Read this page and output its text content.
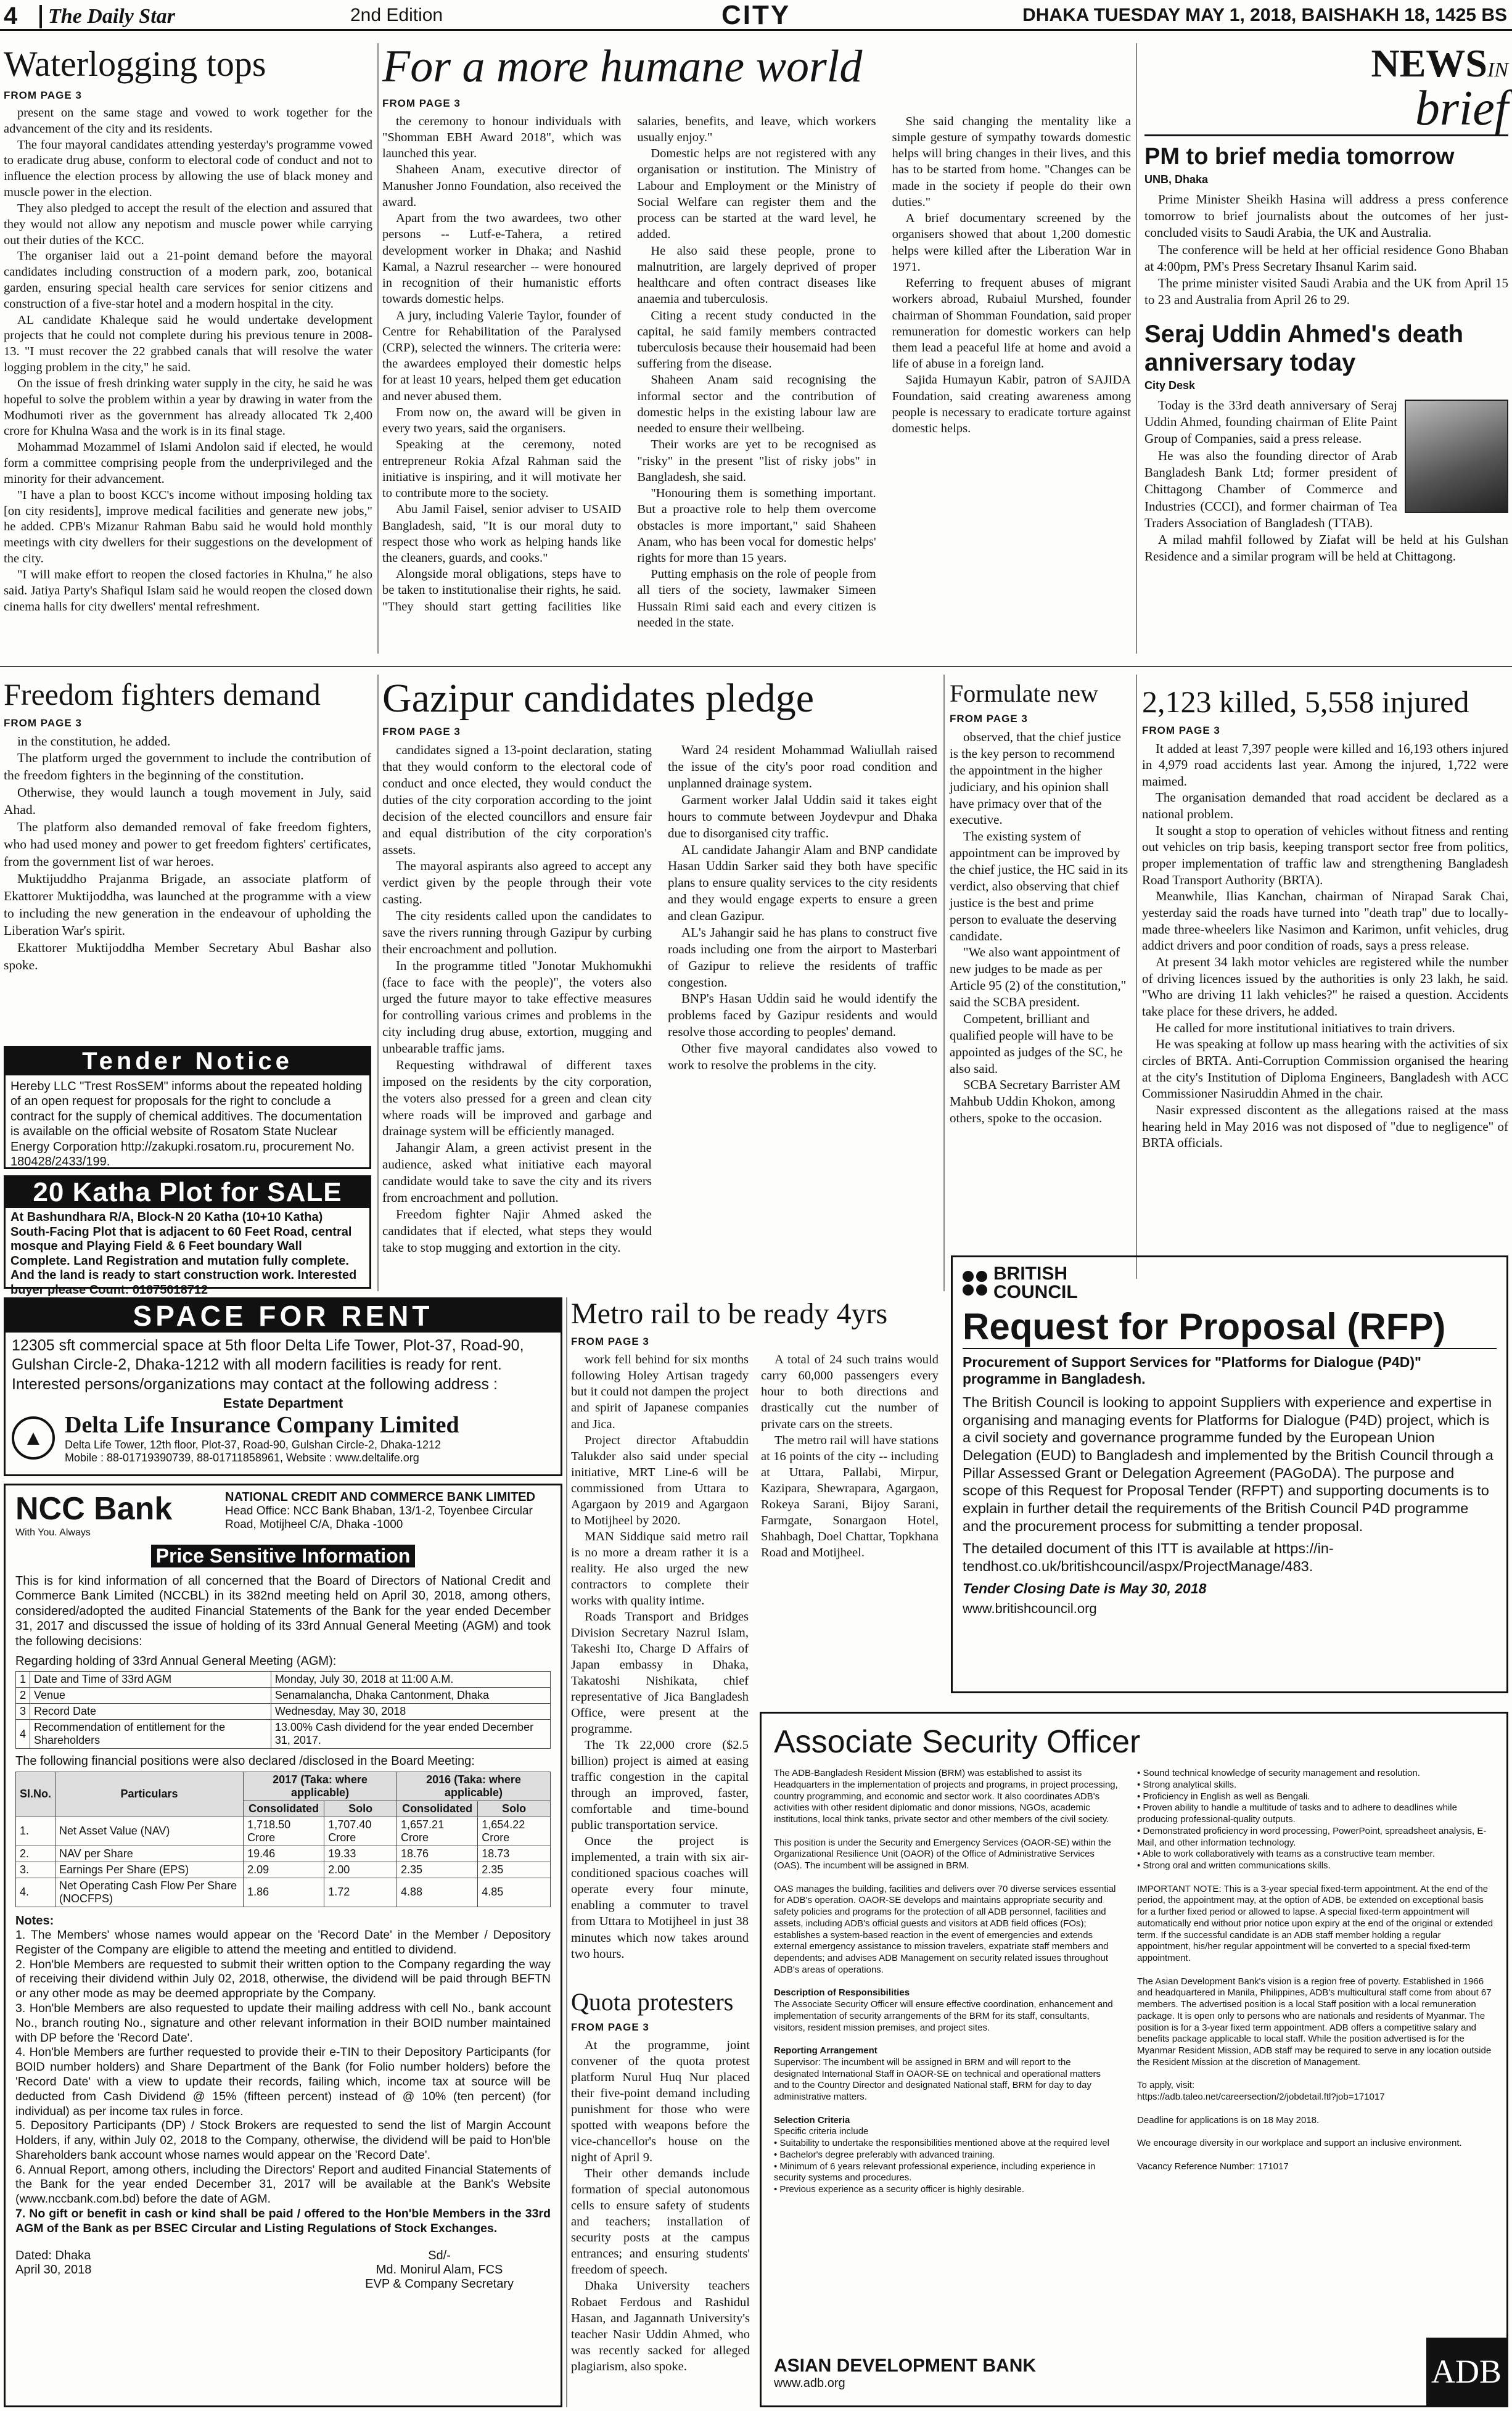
4	The Daily Star	2nd Edition	CITY	DHAKA TUESDAY MAY 1, 2018, BAISHAKH 18, 1425 BS
Waterlogging tops
FROM PAGE 3

present on the same stage and vowed to work together for the advancement of the city and its residents.

The four mayoral candidates attending yesterday's programme vowed to eradicate drug abuse, conform to electoral code of conduct and not to influence the election process by allowing the use of black money and muscle power in the election.

They also pledged to accept the result of the election and assured that they would not allow any nepotism and muscle power while carrying out their duties of the KCC.

The organiser laid out a 21-point demand before the mayoral candidates including construction of a modern park, zoo, botanical garden, ensuring special health care services for senior citizens and construction of a five-star hotel and a modern hospital in the city.

AL candidate Khaleque said he would undertake development projects that he could not complete during his previous tenure in 2008-13. "I must recover the 22 grabbed canals that will resolve the water logging problem in the city," he said.

On the issue of fresh drinking water supply in the city, he said he was hopeful to solve the problem within a year by drawing in water from the Modhumoti river as the government has already allocated Tk 2,400 crore for Khulna Wasa and the work is in its final stage.

Mohammad Mozammel of Islami Andolon said if elected, he would form a committee comprising people from the underprivileged and the minority for their advancement.

"I have a plan to boost KCC's income without imposing holding tax [on city residents], improve medical facilities and generate new jobs," he added. CPB's Mizanur Rahman Babu said he would hold monthly meetings with city dwellers for their suggestions on the development of the city.

"I will make effort to reopen the closed factories in Khulna," he also said. Jatiya Party's Shafiqul Islam said he would reopen the closed down cinema halls for city dwellers' mental refreshment.

For a more humane world
FROM PAGE 3

the ceremony to honour individuals with "Shomman EBH Award 2018", which was launched this year.

Shaheen Anam, executive director of Manusher Jonno Foundation, also received the award.

Apart from the two awardees, two other persons -- Lutf-e-Tahera, a retired development worker in Dhaka; and Nashid Kamal, a Nazrul researcher -- were honoured in recognition of their humanistic efforts towards domestic helps.

A jury, including Valerie Taylor, founder of Centre for Rehabilitation of the Paralysed (CRP), selected the winners. The criteria were: the awardees employed their domestic helps for at least 10 years, helped them get education and never abused them.

From now on, the award will be given in every two years, said the organisers.

Speaking at the ceremony, noted entrepreneur Rokia Afzal Rahman said the initiative is inspiring, and it will motivate her to contribute more to the society.

Abu Jamil Faisel, senior adviser to USAID Bangladesh, said, "It is our moral duty to respect those who work as helping hands like the cleaners, guards, and cooks."

Alongside moral obligations, steps have to be taken to institutionalise their rights, he said. "They should start getting facilities like salaries, benefits, and leave, which workers usually enjoy."

Domestic helps are not registered with any organisation or institution. The Ministry of Labour and Employment or the Ministry of Social Welfare can register them and the process can be started at the ward level, he added.

He also said these people, prone to malnutrition, are largely deprived of proper healthcare and often contract diseases like anaemia and tuberculosis.

Citing a recent study conducted in the capital, he said family members contracted tuberculosis because their housemaid had been suffering from the disease.

Shaheen Anam said recognising the informal sector and the contribution of domestic helps in the existing labour law are needed to ensure their wellbeing.

Their works are yet to be recognised as "risky" in the present "list of risky jobs" in Bangladesh, she said.

"Honouring them is something important. But a proactive role to help them overcome obstacles is more important," said Shaheen Anam, who has been vocal for domestic helps' rights for more than 15 years.

Putting emphasis on the role of people from all tiers of the society, lawmaker Simeen Hussain Rimi said each and every citizen is needed in the state.

She said changing the mentality like a simple gesture of sympathy towards domestic helps will bring changes in their lives, and this has to be started from home. "Changes can be made in the society if people do their own duties."

A brief documentary screened by the organisers showed that about 1,200 domestic helps were killed after the Liberation War in 1971.

Referring to frequent abuses of migrant workers abroad, Rubaiul Murshed, founder chairman of Shomman Foundation, said proper remuneration for domestic workers can help them lead a peaceful life at home and avoid a life of abuse in a foreign land.

Sajida Humayun Kabir, patron of SAJIDA Foundation, said creating awareness among people is necessary to eradicate torture against domestic helps.

NEWSIN
brief
PM to brief media tomorrow
UNB, Dhaka

Prime Minister Sheikh Hasina will address a press conference tomorrow to brief journalists about the outcomes of her just-concluded visits to Saudi Arabia, the UK and Australia.

The conference will be held at her official residence Gono Bhaban at 4:00pm, PM's Press Secretary Ihsanul Karim said.

The prime minister visited Saudi Arabia and the UK from April 15 to 23 and Australia from April 26 to 29.

Seraj Uddin Ahmed's death anniversary today
City Desk

Today is the 33rd death anniversary of Seraj Uddin Ahmed, founding chairman of Elite Paint Group of Companies, said a press release.

He was also the founding director of Arab Bangladesh Bank Ltd; former president of Chittagong Chamber of Commerce and Industries (CCCI), and former chairman of Tea Traders Association of Bangladesh (TTAB).

A milad mahfil followed by Ziafat will be held at his Gulshan Residence and a similar program will be held at Chittagong.

Freedom fighters demand
FROM PAGE 3

in the constitution, he added.

The platform urged the government to include the contribution of the freedom fighters in the beginning of the constitution.

Otherwise, they would launch a tough movement in July, said Ahad.

The platform also demanded removal of fake freedom fighters, who had used money and power to get freedom fighters' certificates, from the government list of war heroes.

Muktijuddho Prajanma Brigade, an associate platform of Ekattorer Muktijoddha, was launched at the programme with a view to including the new generation in the endeavour of upholding the Liberation War's spirit.

Ekattorer Muktijoddha Member Secretary Abul Bashar also spoke.

Gazipur candidates pledge
FROM PAGE 3

candidates signed a 13-point declaration, stating that they would conform to the electoral code of conduct and once elected, they would conduct the duties of the city corporation according to the joint decision of the elected councillors and ensure fair and equal distribution of the city corporation's assets.

The mayoral aspirants also agreed to accept any verdict given by the people through their vote casting.

The city residents called upon the candidates to save the rivers running through Gazipur by curbing their encroachment and pollution.

In the programme titled "Jonotar Mukhomukhi (face to face with the people)", the voters also urged the future mayor to take effective measures for controlling various crimes and problems in the city including drug abuse, extortion, mugging and unbearable traffic jams.

Requesting withdrawal of different taxes imposed on the residents by the city corporation, the voters also pressed for a green and clean city where roads will be improved and garbage and drainage system will be efficiently managed.

Jahangir Alam, a green activist present in the audience, asked what initiative each mayoral candidate would take to save the city and its rivers from encroachment and pollution.

Freedom fighter Najir Ahmed asked the candidates that if elected, what steps they would take to stop mugging and extortion in the city.

Ward 24 resident Mohammad Waliullah raised the issue of the city's poor road condition and unplanned drainage system.

Garment worker Jalal Uddin said it takes eight hours to commute between Joydevpur and Dhaka due to disorganised city traffic.

AL candidate Jahangir Alam and BNP candidate Hasan Uddin Sarker said they both have specific plans to ensure quality services to the city residents and they would engage experts to ensure a green and clean Gazipur.

AL's Jahangir said he has plans to construct five roads including one from the airport to Masterbari of Gazipur to relieve the residents of traffic congestion.

BNP's Hasan Uddin said he would identify the problems faced by Gazipur residents and would resolve those according to peoples' demand.

Other five mayoral candidates also vowed to work to resolve the problems in the city.

Formulate new
FROM PAGE 3

observed, that the chief justice is the key person to recommend the appointment in the higher judiciary, and his opinion shall have primacy over that of the executive.

The existing system of appointment can be improved by the chief justice, the HC said in its verdict, also observing that chief justice is the best and prime person to evaluate the deserving candidate.

"We also want appointment of new judges to be made as per Article 95 (2) of the constitution," said the SCBA president.

Competent, brilliant and qualified people will have to be appointed as judges of the SC, he also said.

SCBA Secretary Barrister AM Mahbub Uddin Khokon, among others, spoke to the occasion.

2,123 killed, 5,558 injured
FROM PAGE 3

It added at least 7,397 people were killed and 16,193 others injured in 4,979 road accidents last year. Among the injured, 1,722 were maimed.

The organisation demanded that road accident be declared as a national problem.

It sought a stop to operation of vehicles without fitness and renting out vehicles on trip basis, keeping transport sector free from politics, proper implementation of traffic law and strengthening Bangladesh Road Transport Authority (BRTA).

Meanwhile, Ilias Kanchan, chairman of Nirapad Sarak Chai, yesterday said the roads have turned into "death trap" due to locally-made three-wheelers like Nasimon and Karimon, unfit vehicles, drug addict drivers and poor condition of roads, says a press release.

At present 34 lakh motor vehicles are registered while the number of driving licences issued by the authorities is only 23 lakh, he said. "Who are driving 11 lakh vehicles?" he raised a question. Accidents take place for these drivers, he added.

He called for more institutional initiatives to train drivers.

He was speaking at follow up mass hearing with the activities of six circles of BRTA. Anti-Corruption Commission organised the hearing at the city's Institution of Diploma Engineers, Bangladesh with ACC Commissioner Nasiruddin Ahmed in the chair.

Nasir expressed discontent as the allegations raised at the mass hearing held in May 2016 was not disposed of "due to negligence" of BRTA officials.

Tender Notice
Hereby LLC "Trest RosSEM" informs about the repeated holding of an open request for proposals for the right to conclude a contract for the supply of chemical additives. The documentation is available on the official website of Rosatom State Nuclear Energy Corporation http://zakupki.rosatom.ru, procurement No. 180428/2433/199.
20 Katha Plot for SALE
At Bashundhara R/A, Block-N 20 Katha (10+10 Katha) South-Facing Plot that is adjacent to 60 Feet Road, central mosque and Playing Field & 6 Feet boundary Wall Complete. Land Registration and mutation fully complete. And the land is ready to start construction work. Interested buyer please Count: 01675018712
SPACE FOR RENT
12305 sft commercial space at 5th floor Delta Life Tower, Plot-37, Road-90, Gulshan Circle-2, Dhaka-1212 with all modern facilities is ready for rent.
Interested persons/organizations may contact at the following address :
Estate Department
▲ Delta Life Insurance Company Limited
Delta Life Tower, 12th floor, Plot-37, Road-90, Gulshan Circle-2, Dhaka-1212
Mobile : 88-01719390739, 88-01711858961, Website : www.deltalife.org
NCC Bank
With You. Always
NATIONAL CREDIT AND COMMERCE BANK LIMITED
Head Office: NCC Bank Bhaban, 13/1-2, Toyenbee Circular Road, Motijheel C/A, Dhaka -1000
Price Sensitive Information
This is for kind information of all concerned that the Board of Directors of National Credit and Commerce Bank Limited (NCCBL) in its 382nd meeting held on April 30, 2018, among others, considered/adopted the audited Financial Statements of the Bank for the year ended December 31, 2017 and discussed the issue of holding of its 33rd Annual General Meeting (AGM) and took the following decisions:
Regarding holding of 33rd Annual General Meeting (AGM):
1	Date and Time of 33rd AGM	Monday, July 30, 2018 at 11:00 A.M.
2	Venue	Senamalancha, Dhaka Cantonment, Dhaka
3	Record Date	Wednesday, May 30, 2018
4	Recommendation of entitlement for the Shareholders	13.00% Cash dividend for the year ended December 31, 2017.
The following financial positions were also declared /disclosed in the Board Meeting:
Sl.No.	Particulars	2017 (Taka: where applicable)		2016 (Taka: where applicable)	
		Consolidated	Solo	Consolidated	Solo
1.	Net Asset Value (NAV)	1,718.50 Crore	1,707.40 Crore	1,657.21 Crore	1,654.22 Crore
2.	NAV per Share	19.46	19.33	18.76	18.73
3.	Earnings Per Share (EPS)	2.09	2.00	2.35	2.35
4.	Net Operating Cash Flow Per Share (NOCFPS)	1.86	1.72	4.88	4.85
Notes:
1. The Members' whose names would appear on the 'Record Date' in the Member / Depository Register of the Company are eligible to attend the meeting and entitled to dividend.
2. Hon'ble Members are requested to submit their written option to the Company regarding the way of receiving their dividend within July 02, 2018, otherwise, the dividend will be paid through BEFTN or any other mode as may be deemed appropriate by the Company.
3. Hon'ble Members are also requested to update their mailing address with cell No., bank account No., branch routing No., signature and other relevant information in their BOID number maintained with DP before the 'Record Date'.
4. Hon'ble Members are further requested to provide their e-TIN to their Depository Participants (for BOID number holders) and Share Department of the Bank (for Folio number holders) before the 'Record Date' with a view to update their records, failing which, income tax at source will be deducted from Cash Dividend @ 15% (fifteen percent) instead of @ 10% (ten percent) (for individual) as per income tax rules in force.
5. Depository Participants (DP) / Stock Brokers are requested to send the list of Margin Account Holders, if any, within July 02, 2018 to the Company, otherwise, the dividend will be paid to Hon'ble Shareholders bank account whose names would appear on the 'Record Date'.
6. Annual Report, among others, including the Directors' Report and audited Financial Statements of the Bank for the year ended December 31, 2017 will be available at the Bank's Website (www.nccbank.com.bd) before the date of AGM.
7. No gift or benefit in cash or kind shall be paid / offered to the Hon'ble Members in the 33rd AGM of the Bank as per BSEC Circular and Listing Regulations of Stock Exchanges.
Dated: Dhaka
April 30, 2018
Sd/-
Md. Monirul Alam, FCS
EVP & Company Secretary
Metro rail to be ready 4yrs
FROM PAGE 3

work fell behind for six months following Holey Artisan tragedy but it could not dampen the project and spirit of Japanese companies and Jica.

Project director Aftabuddin Talukder also said under special initiative, MRT Line-6 will be commissioned from Uttara to Agargaon by 2019 and Agargaon to Motijheel by 2020.

MAN Siddique said metro rail is no more a dream rather it is a reality. He also urged the new contractors to complete their works with quality intime.

Roads Transport and Bridges Division Secretary Nazrul Islam, Takeshi Ito, Charge D Affairs of Japan embassy in Dhaka, Takatoshi Nishikata, chief representative of Jica Bangladesh Office, were present at the programme.

The Tk 22,000 crore ($2.5 billion) project is aimed at easing traffic congestion in the capital through an improved, faster, comfortable and time-bound public transportation service.

Once the project is implemented, a train with six air-conditioned spacious coaches will operate every four minute, enabling a commuter to travel from Uttara to Motijheel in just 38 minutes which now takes around two hours.

A total of 24 such trains would carry 60,000 passengers every hour to both directions and drastically cut the number of private cars on the streets.

The metro rail will have stations at 16 points of the city -- including at Uttara, Pallabi, Mirpur, Kazipara, Shewrapara, Agargaon, Rokeya Sarani, Bijoy Sarani, Farmgate, Sonargaon Hotel, Shahbagh, Doel Chattar, Topkhana Road and Motijheel.

Quota protesters
FROM PAGE 3

At the programme, joint convener of the quota protest platform Nurul Huq Nur placed their five-point demand including punishment for those who were spotted with weapons before the vice-chancellor's house on the night of April 9.

Their other demands include formation of special autonomous cells to ensure safety of students and teachers; installation of security posts at the campus entrances; and ensuring students' freedom of speech.

Dhaka University teachers Robaet Ferdous and Rashidul Hasan, and Jagannath University's teacher Nasir Uddin Ahmed, who was recently sacked for alleged plagiarism, also spoke.

BRITISH COUNCIL
Request for Proposal (RFP)
Procurement of Support Services for "Platforms for Dialogue (P4D)" programme in Bangladesh.
The British Council is looking to appoint Suppliers with experience and expertise in organising and managing events for Platforms for Dialogue (P4D) project, which is a civil society and governance programme funded by the European Union Delegation (EUD) to Bangladesh and implemented by the British Council through a Pillar Assessed Grant or Delegation Agreement (PAGoDA). The purpose and scope of this Request for Proposal Tender (RFPT) and supporting documents is to explain in further detail the requirements of the British Council P4D programme and the procurement process for submitting a tender proposal.
The detailed document of this ITT is available at https://in-tendhost.co.uk/britishcouncil/aspx/ProjectManage/483.
Tender Closing Date is May 30, 2018
www.britishcouncil.org
Associate Security Officer

The ADB-Bangladesh Resident Mission (BRM) was established to assist its Headquarters in the implementation of projects and programs, in project processing, country programming, and economic and sector work. It also coordinates ADB's activities with other resident diplomatic and donor missions, NGOs, academic institutions, local think tanks, private sector and other members of the civil society.

This position is under the Security and Emergency Services (OAOR-SE) within the Organizational Resilience Unit (OAOR) of the Office of Administrative Services (OAS). The incumbent will be assigned in BRM.

OAS manages the building, facilities and delivers over 70 diverse services essential for ADB's operation. OAOR-SE develops and maintains appropriate security and safety policies and programs for the protection of all ADB personnel, facilities and assets, including ADB's official guests and visitors at ADB field offices (FOs); establishes a system-based reaction in the event of emergencies and extends external emergency assistance to mission travelers, expatriate staff members and dependents; and advises ADB Management on security related issues throughout ADB's areas of operations.

Description of Responsibilities

The Associate Security Officer will ensure effective coordination, enhancement and implementation of security arrangements of the BRM for its staff, consultants, visitors, resident mission premises, and project sites.

Reporting Arrangement

Supervisor: The incumbent will be assigned in BRM and will report to the designated International Staff in OAOR-SE on technical and operational matters and to the Country Director and designated National staff, BRM for day to day administrative matters.

Selection Criteria

Specific criteria include

• Suitability to undertake the responsibilities mentioned above at the required level

• Bachelor's degree preferably with advanced training.

• Minimum of 6 years relevant professional experience, including experience in security systems and procedures.

• Previous experience as a security officer is highly desirable.

• Sound technical knowledge of security management and resolution.

• Strong analytical skills.

• Proficiency in English as well as Bengali.

• Proven ability to handle a multitude of tasks and to adhere to deadlines while producing professional-quality outputs.

• Demonstrated proficiency in word processing, PowerPoint, spreadsheet analysis, E-Mail, and other information technology.

• Able to work collaboratively with teams as a constructive team member.

• Strong oral and written communications skills.

IMPORTANT NOTE: This is a 3-year special fixed-term appointment. At the end of the period, the appointment may, at the option of ADB, be extended on exceptional basis for a further fixed period or allowed to lapse. A special fixed-term appointment will automatically end without prior notice upon expiry at the end of the original or extended term. If the successful candidate is an ADB staff member holding a regular appointment, his/her regular appointment will be converted to a special fixed-term appointment.

The Asian Development Bank's vision is a region free of poverty. Established in 1966 and headquartered in Manila, Philippines, ADB's multicultural staff come from about 67 members. The advertised position is a local Staff position with a local remuneration package. It is open only to persons who are nationals and residents of Myanmar. The position is for a 3-year fixed term appointment. ADB offers a competitive salary and benefits package applicable to local staff. While the position advertised is for the Myanmar Resident Mission, ADB staff may be required to serve in any location outside the Resident Mission at the discretion of Management.

To apply, visit:

https://adb.taleo.net/careersection/2/jobdetail.ftl?job=171017

Deadline for applications is on 18 May 2018.

We encourage diversity in our workplace and support an inclusive environment.

Vacancy Reference Number: 171017

ASIAN DEVELOPMENT BANK
www.adb.org	ADB
